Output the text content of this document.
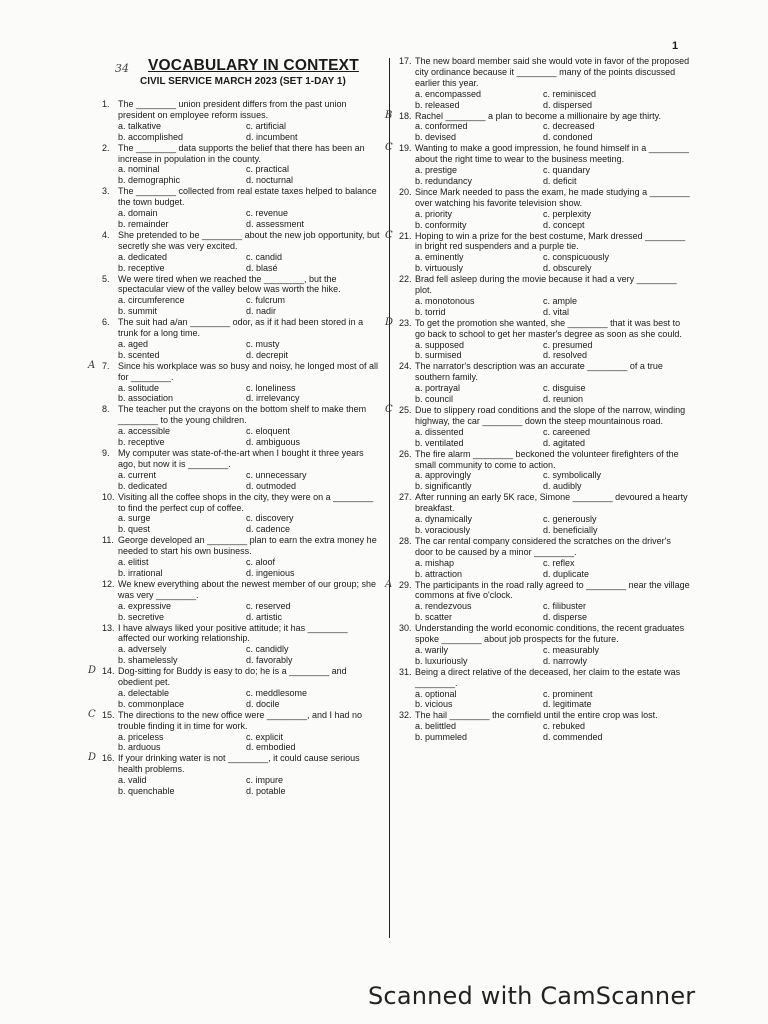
1
34 VOCABULARY IN CONTEXT
CIVIL SERVICE MARCH 2023 (SET 1-DAY 1)
1. The ________ union president differs from the past union president on employee reform issues.
a. talkative	c. artificial
b. accomplished	d. incumbent
2. The ________ data supports the belief that there has been an increase in population in the county.
a. nominal	c. practical
b. demographic	d. nocturnal
3. The ________ collected from real estate taxes helped to balance the town budget.
a. domain	c. revenue
b. remainder	d. assessment
4. She pretended to be ________ about the new job opportunity, but secretly she was very excited.
a. dedicated	c. candid
b. receptive	d. blasé
5. We were tired when we reached the ________, but the spectacular view of the valley below was worth the hike.
a. circumference	c. fulcrum
b. summit	d. nadir
6. The suit had a/an ________ odor, as if it had been stored in a trunk for a long time.
a. aged	c. musty
b. scented	d. decrepit
A 7. Since his workplace was so busy and noisy, he longed most of all for ________.
a. solitude	c. loneliness
b. association	d. irrelevancy
8. The teacher put the crayons on the bottom shelf to make them ________ to the young children.
a. accessible	c. eloquent
b. receptive	d. ambiguous
9. My computer was state-of-the-art when I bought it three years ago, but now it is ________.
a. current	c. unnecessary
b. dedicated	d. outmoded
10. Visiting all the coffee shops in the city, they were on a ________ to find the perfect cup of coffee.
a. surge	c. discovery
b. quest	d. cadence
11. George developed an ________ plan to earn the extra money he needed to start his own business.
a. elitist	c. aloof
b. irrational	d. ingenious
12. We knew everything about the newest member of our group; she was very ________.
a. expressive	c. reserved
b. secretive	d. artistic
13. I have always liked your positive attitude; it has ________ affected our working relationship.
a. adversely	c. candidly
b. shamelessly	d. favorably
D 14. Dog-sitting for Buddy is easy to do; he is a ________ and obedient pet.
a. delectable	c. meddlesome
b. commonplace	d. docile
C 15. The directions to the new office were ________, and I had no trouble finding it in time for work.
a. priceless	c. explicit
b. arduous	d. embodied
D 16. If your drinking water is not ________, it could cause serious health problems.
a. valid	c. impure
b. quenchable	d. potable
17. The new board member said she would vote in favor of the proposed city ordinance because it ________ many of the points discussed earlier this year.
a. encompassed	c. reminisced
b. released	d. dispersed
B 18. Rachel ________ a plan to become a millionaire by age thirty.
a. conformed	c. decreased
b. devised	d. condoned
C 19. Wanting to make a good impression, he found himself in a ________ about the right time to wear to the business meeting.
a. prestige	c. quandary
b. redundancy	d. deficit
20. Since Mark needed to pass the exam, he made studying a ________ over watching his favorite television show.
a. priority	c. perplexity
b. conformity	d. concept
C 21. Hoping to win a prize for the best costume, Mark dressed ________ in bright red suspenders and a purple tie.
a. eminently	c. conspicuously
b. virtuously	d. obscurely
22. Brad fell asleep during the movie because it had a very ________ plot.
a. monotonous	c. ample
b. torrid	d. vital
D 23. To get the promotion she wanted, she ________ that it was best to go back to school to get her master's degree as soon as she could.
a. supposed	c. presumed
b. surmised	d. resolved
24. The narrator's description was an accurate ________ of a true southern family.
a. portrayal	c. disguise
b. council	d. reunion
C 25. Due to slippery road conditions and the slope of the narrow, winding highway, the car ________ down the steep mountainous road.
a. dissented	c. careened
b. ventilated	d. agitated
26. The fire alarm ________ beckoned the volunteer firefighters of the small community to come to action.
a. approvingly	c. symbolically
b. significantly	d. audibly
27. After running an early 5K race, Simone ________ devoured a hearty breakfast.
a. dynamically	c. generously
b. voraciously	d. beneficially
28. The car rental company considered the scratches on the driver's door to be caused by a minor ________.
a. mishap	c. reflex
b. attraction	d. duplicate
A 29. The participants in the road rally agreed to ________ near the village commons at five o'clock.
a. rendezvous	c. filibuster
b. scatter	d. disperse
30. Understanding the world economic conditions, the recent graduates spoke ________ about job prospects for the future.
a. warily	c. measurably
b. luxuriously	d. narrowly
31. Being a direct relative of the deceased, her claim to the estate was ________.
a. optional	c. prominent
b. vicious	d. legitimate
32. The hail ________ the cornfield until the entire crop was lost.
a. belittled	c. rebuked
b. pummeled	d. commended
Scanned with CamScanner
